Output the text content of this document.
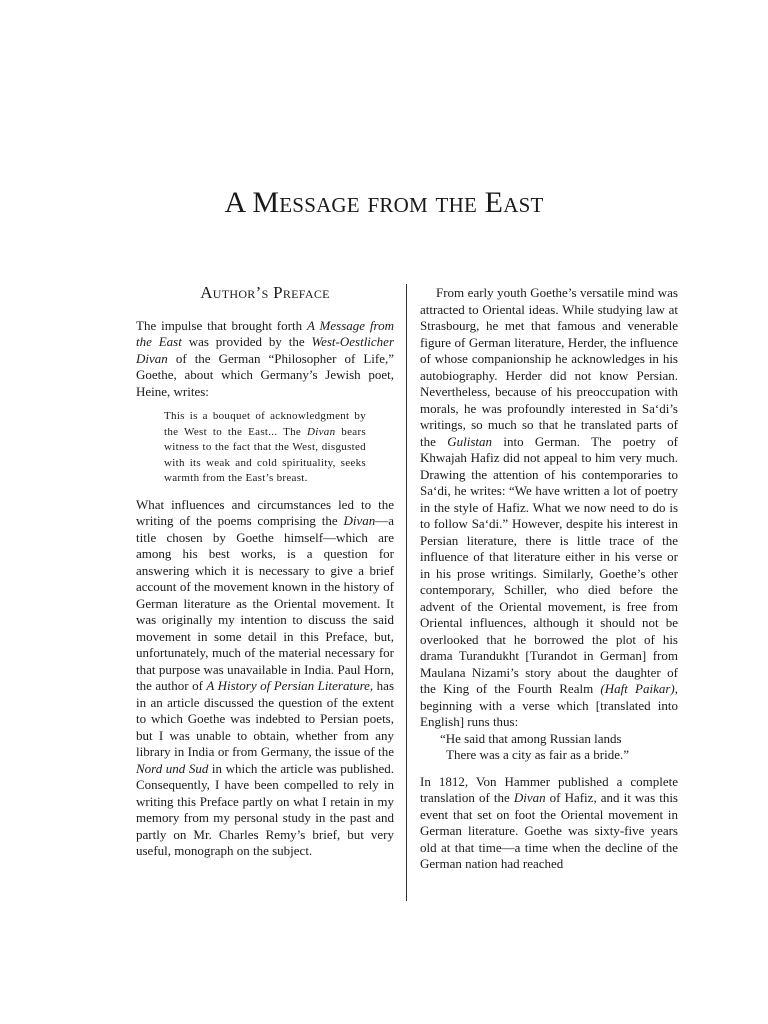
A Message from the East

Author’s Preface

The impulse that brought forth A Message from the East was provided by the West-Oestlicher Divan of the German “Philosopher of Life,” Goethe, about which Germany’s Jewish poet, Heine, writes:

This is a bouquet of acknowledgment by the West to the East... The Divan bears witness to the fact that the West, disgusted with its weak and cold spirituality, seeks warmth from the East’s breast.

What influences and circumstances led to the writing of the poems comprising the Divan—a title chosen by Goethe himself—which are among his best works, is a question for answering which it is necessary to give a brief account of the movement known in the history of German literature as the Oriental movement. It was originally my intention to discuss the said movement in some detail in this Preface, but, unfortunately, much of the material necessary for that purpose was unavailable in India. Paul Horn, the author of A History of Persian Literature, has in an article discussed the question of the extent to which Goethe was indebted to Persian poets, but I was unable to obtain, whether from any library in India or from Germany, the issue of the Nord und Sud in which the article was published. Consequently, I have been compelled to rely in writing this Preface partly on what I retain in my memory from my personal study in the past and partly on Mr. Charles Remy’s brief, but very useful, monograph on the subject.

From early youth Goethe’s versatile mind was attracted to Oriental ideas. While studying law at Strasbourg, he met that famous and venerable figure of German literature, Herder, the influence of whose companionship he acknowledges in his autobiography. Herder did not know Persian. Nevertheless, because of his preoccupation with morals, he was profoundly interested in Sa‘di’s writings, so much so that he translated parts of the Gulistan into German. The poetry of Khwajah Hafiz did not appeal to him very much. Drawing the attention of his contemporaries to Sa‘di, he writes: “We have written a lot of poetry in the style of Hafiz. What we now need to do is to follow Sa‘di.” However, despite his interest in Persian literature, there is little trace of the influence of that literature either in his verse or in his prose writings. Similarly, Goethe’s other contemporary, Schiller, who died before the advent of the Oriental movement, is free from Oriental influences, although it should not be overlooked that he borrowed the plot of his drama Turandukht [Turandot in German] from Maulana Nizami’s story about the daughter of the King of the Fourth Realm (Haft Paikar), beginning with a verse which [translated into English] runs thus:

“He said that among Russian lands
There was a city as fair as a bride.”

In 1812, Von Hammer published a complete translation of the Divan of Hafiz, and it was this event that set on foot the Oriental movement in German literature. Goethe was sixty-five years old at that time—a time when the decline of the German nation had reached
